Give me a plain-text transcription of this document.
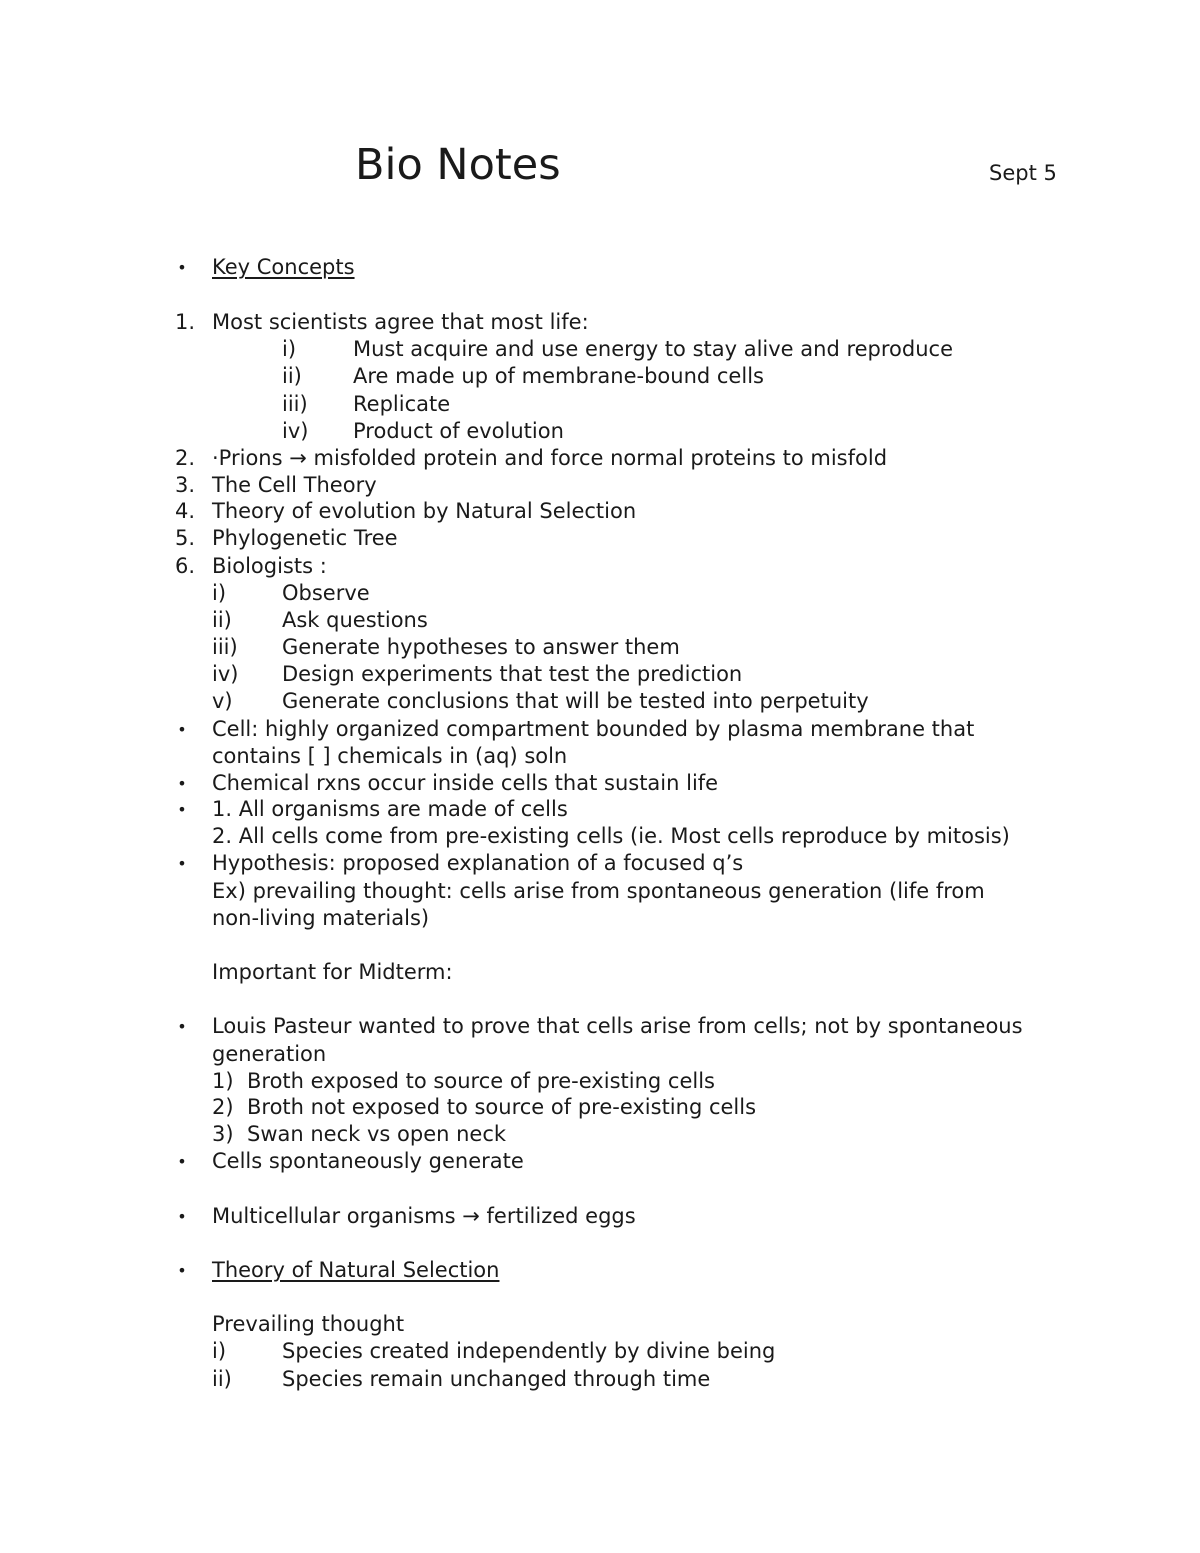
Bio Notes	Sept 5
• Key Concepts
1. Most scientists agree that most life:
i)	Must acquire and use energy to stay alive and reproduce
ii) Are made up of membrane-bound cells
iii) Replicate
iv) Product of evolution
2. ·Prions → misfolded protein and force normal proteins to misfold
3. The Cell Theory
4. Theory of evolution by Natural Selection
5. Phylogenetic Tree
6. Biologists :
i)	Observe
ii) Ask questions
iii) Generate hypotheses to answer them
iv) Design experiments that test the prediction
v) Generate conclusions that will be tested into perpetuity
• Cell: highly organized compartment bounded by plasma membrane that
contains [ ] chemicals in (aq) soln
• Chemical rxns occur inside cells that sustain life
• 1. All organisms are made of cells
2. All cells come from pre-existing cells (ie. Most cells reproduce by mitosis)
• Hypothesis: proposed explanation of a focused q’s
Ex) prevailing thought: cells arise from spontaneous generation (life from
non-living materials)
Important for Midterm:
• Louis Pasteur wanted to prove that cells arise from cells; not by spontaneous
generation
1) Broth exposed to source of pre-existing cells
2) Broth not exposed to source of pre-existing cells
3) Swan neck vs open neck
• Cells spontaneously generate
• Multicellular organisms → fertilized eggs
• Theory of Natural Selection
Prevailing thought
i)	Species created independently by divine being
ii) Species remain unchanged through time
